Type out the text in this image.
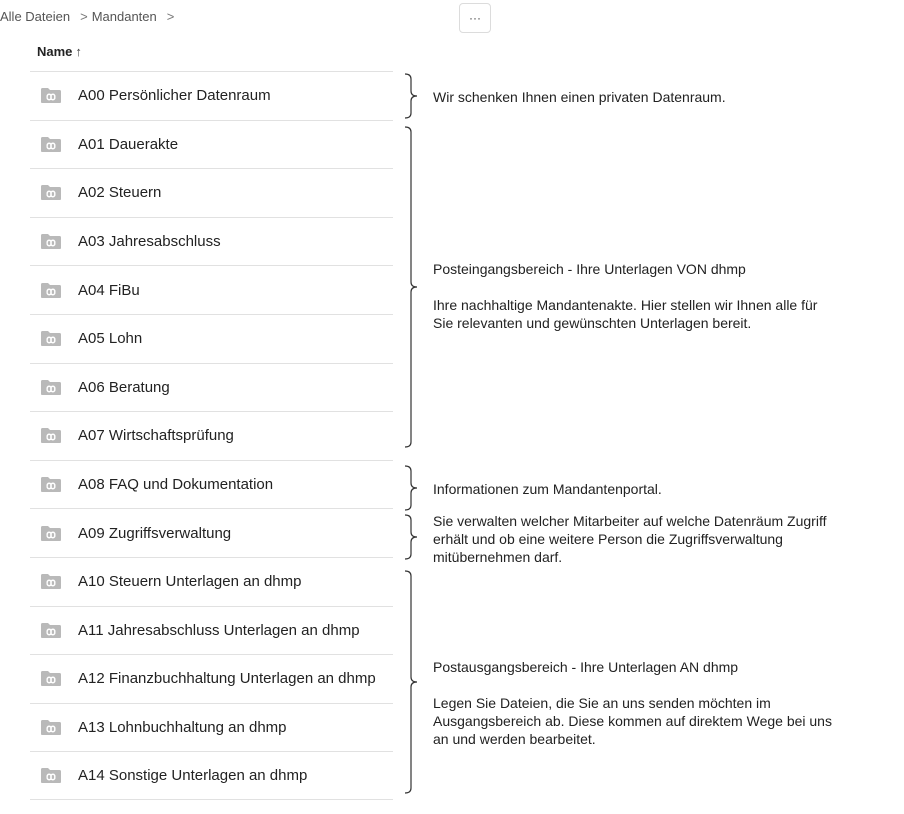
Alle Dateien > Mandanten >	···
Name ↑
A00 Persönlicher Datenraum
A01 Dauerakte
A02 Steuern
A03 Jahresabschluss
A04 FiBu
A05 Lohn
A06 Beratung
A07 Wirtschaftsprüfung
A08 FAQ und Dokumentation
A09 Zugriffsverwaltung
A10 Steuern Unterlagen an dhmp
A11 Jahresabschluss Unterlagen an dhmp
A12 Finanzbuchhaltung Unterlagen an dhmp
A13 Lohnbuchhaltung an dhmp
A14 Sonstige Unterlagen an dhmp

Wir schenken Ihnen einen privaten Datenraum.

Posteingangsbereich - Ihre Unterlagen VON dhmp

Ihre nachhaltige Mandantenakte. Hier stellen wir Ihnen alle für Sie relevanten und gewünschten Unterlagen bereit.

Informationen zum Mandantenportal.

Sie verwalten welcher Mitarbeiter auf welche Datenräum Zugriff erhält und ob eine weitere Person die Zugriffsverwaltung mitübernehmen darf.

Postausgangsbereich - Ihre Unterlagen AN dhmp

Legen Sie Dateien, die Sie an uns senden möchten im Ausgangsbereich ab. Diese kommen auf direktem Wege bei uns an und werden bearbeitet.
